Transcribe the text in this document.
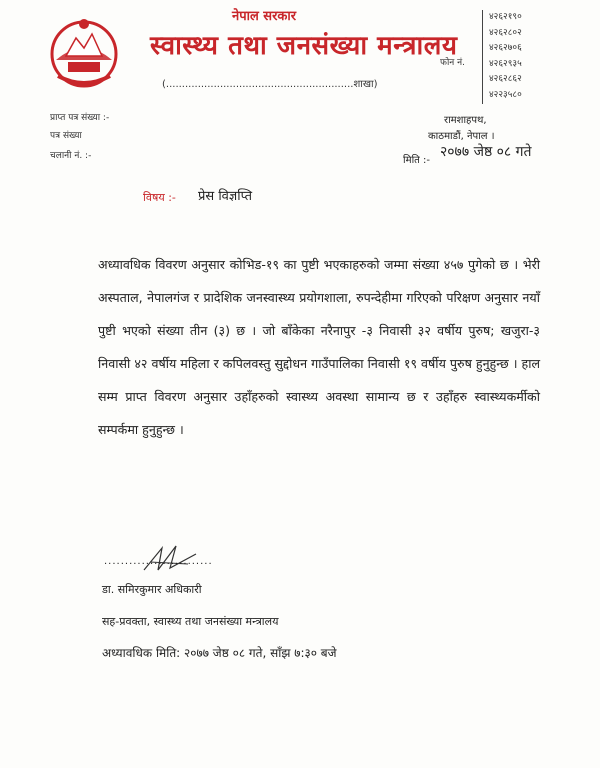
नेपाल सरकार
स्वास्थ्य तथा जनसंख्या मन्त्रालय
(...........................................................शाखा)
फोन नं.
४२६२१९०
४२६२८०२
४२६२७०६
४२६२९३५
४२६२८६२
४२२३५८०
प्राप्त पत्र संख्या :-
पत्र संख्या
चलानी नं. :-
रामशाहपथ,
काठमाडौं, नेपाल ।
मिति :-
२०७७ जेष्ठ ०८ गते
विषय :- प्रेस विज्ञप्ति
अध्यावधिक विवरण अनुसार कोभिड-१९ का पुष्टी भएकाहरुको जम्मा संख्या ४५७ पुगेको छ । भेरी अस्पताल, नेपालगंज र प्रादेशिक जनस्वास्थ्य प्रयोगशाला, रुपन्देहीमा गरिएको परिक्षण अनुसार नयाँ पुष्टी भएको संख्या तीन (३) छ । जो बाँकेका नरैनापुर -३ निवासी ३२ वर्षीय पुरुष; खजुरा-३ निवासी ४२ वर्षीय महिला र कपिलवस्तु सुद्दोधन गाउँपालिका निवासी १९ वर्षीय पुरुष हुनुहुन्छ । हाल सम्म प्राप्त विवरण अनुसार उहाँहरुको स्वास्थ्य अवस्था सामान्य छ र उहाँहरु स्वास्थ्यकर्मीको सम्पर्कमा हुनुहुन्छ ।
..........................
डा. समिरकुमार अधिकारी
सह-प्रवक्ता, स्वास्थ्य तथा जनसंख्या मन्त्रालय
अध्यावधिक मिति: २०७७ जेष्ठ ०८ गते, साँझ ७:३० बजे
